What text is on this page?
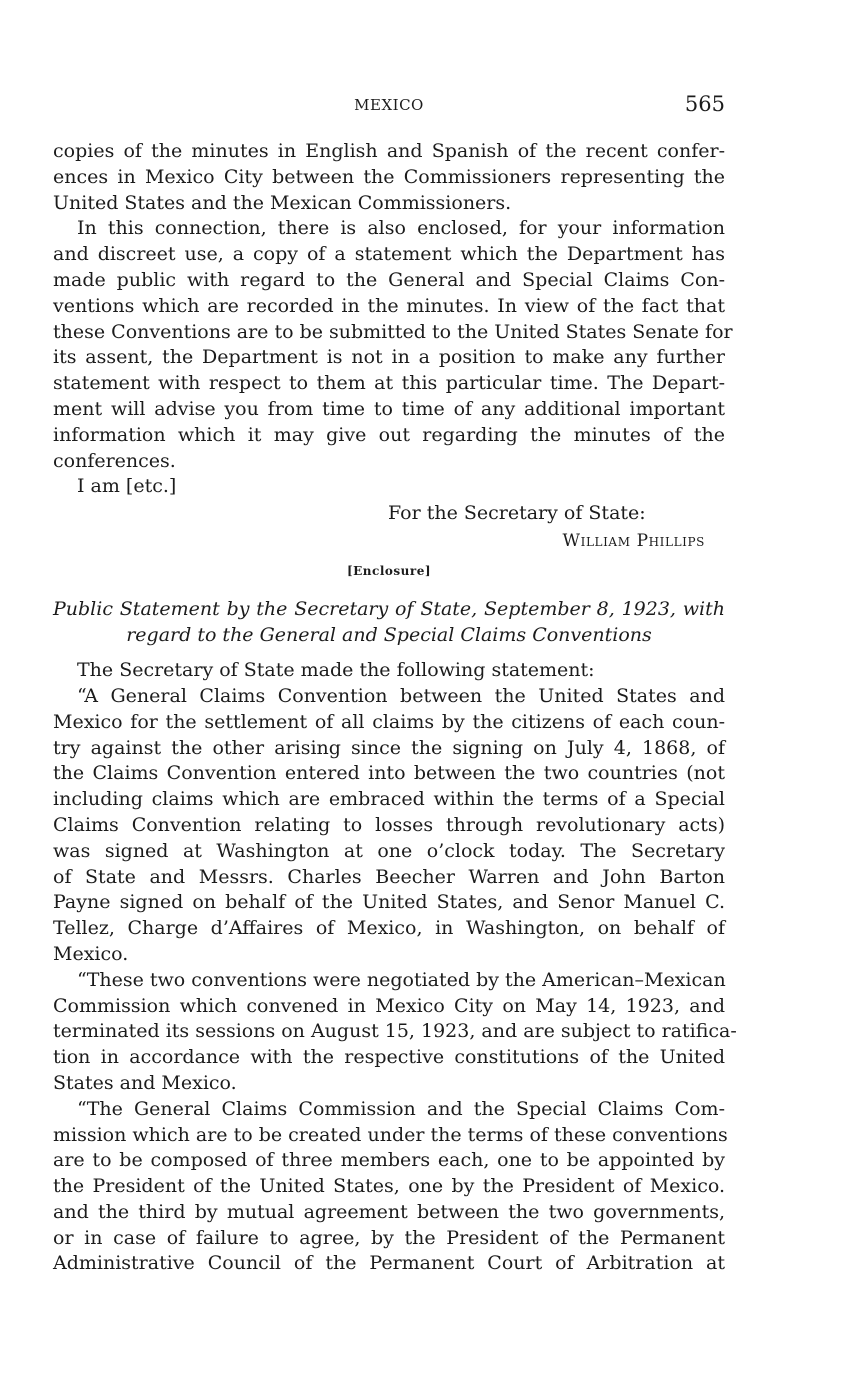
MEXICO	565
copies of the minutes in English and Spanish of the recent confer-
ences in Mexico City between the Commissioners representing the
United States and the Mexican Commissioners.
In this connection, there is also enclosed, for your information
and discreet use, a copy of a statement which the Department has
made public with regard to the General and Special Claims Con-
ventions which are recorded in the minutes. In view of the fact that
these Conventions are to be submitted to the United States Senate for
its assent, the Department is not in a position to make any further
statement with respect to them at this particular time. The Depart-
ment will advise you from time to time of any additional important
information which it may give out regarding the minutes of the
conferences.
I am [etc.]
For the Secretary of State:
William Phillips
[Enclosure]
Public Statement by the Secretary of State, September 8, 1923, with
regard to the General and Special Claims Conventions
The Secretary of State made the following statement:
“A General Claims Convention between the United States and
Mexico for the settlement of all claims by the citizens of each coun-
try against the other arising since the signing on July 4, 1868, of
the Claims Convention entered into between the two countries (not
including claims which are embraced within the terms of a Special
Claims Convention relating to losses through revolutionary acts)
was signed at Washington at one o’clock today. The Secretary
of State and Messrs. Charles Beecher Warren and John Barton
Payne signed on behalf of the United States, and Senor Manuel C.
Tellez, Charge d’Affaires of Mexico, in Washington, on behalf of
Mexico.
“These two conventions were negotiated by the American–Mexican
Commission which convened in Mexico City on May 14, 1923, and
terminated its sessions on August 15, 1923, and are subject to ratifica-
tion in accordance with the respective constitutions of the United
States and Mexico.
“The General Claims Commission and the Special Claims Com-
mission which are to be created under the terms of these conventions
are to be composed of three members each, one to be appointed by
the President of the United States, one by the President of Mexico.
and the third by mutual agreement between the two governments,
or in case of failure to agree, by the President of the Permanent
Administrative Council of the Permanent Court of Arbitration at
